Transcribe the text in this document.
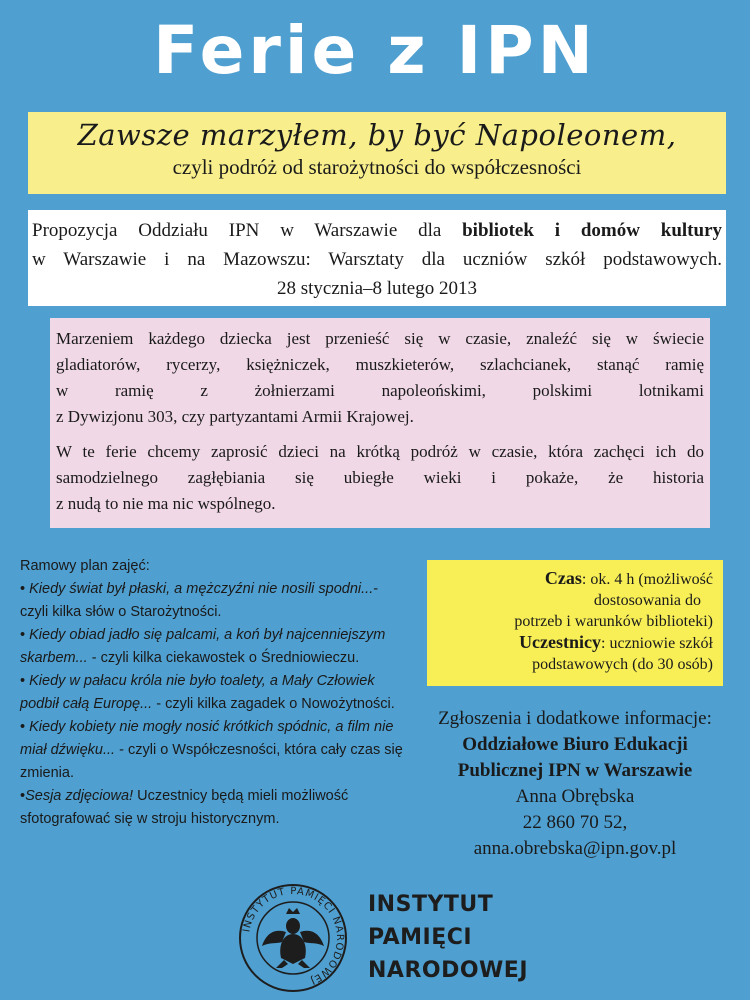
Ferie z IPN
Zawsze marzyłem, by być Napoleonem,
czyli podróż od starożytności do współczesności
Propozycja Oddziału IPN w Warszawie dla bibliotek i domów kultury
w Warszawie i na Mazowszu: Warsztaty dla uczniów szkół podstawowych.
28 stycznia–8 lutego 2013

Marzeniem każdego dziecka jest przenieść się w czasie, znaleźć się w świecie
gladiatorów, rycerzy, księżniczek, muszkieterów, szlachcianek, stanąć ramię
w ramię z żołnierzami napoleońskimi, polskimi lotnikami
z Dywizjonu 303, czy partyzantami Armii Krajowej.

W te ferie chcemy zaprosić dzieci na krótką podróż w czasie, która zachęci ich do
samodzielnego zagłębiania się ubiegłe wieki i pokaże, że historia
z nudą to nie ma nic wspólnego.

Ramowy plan zajęć:
• Kiedy świat był płaski, a mężczyźni nie nosili spodni...- czyli kilka słów o Starożytności.
• Kiedy obiad jadło się palcami, a koń był najcenniejszym skarbem... - czyli kilka ciekawostek o Średniowieczu.
• Kiedy w pałacu króla nie było toalety, a Mały Człowiek podbił całą Europę... - czyli kilka zagadek o Nowożytności.
• Kiedy kobiety nie mogły nosić krótkich spódnic, a film nie miał dźwięku... - czyli o Współczesności, która cały czas się zmienia.
•Sesja zdjęciowa! Uczestnicy będą mieli możliwość sfotografować się w stroju historycznym.
Czas: ok. 4 h (możliwość
dostosowania do
potrzeb i warunków biblioteki)
Uczestnicy: uczniowie szkół
podstawowych (do 30 osób)
Zgłoszenia i dodatkowe informacje:
Oddziałowe Biuro Edukacji
Publicznej IPN w Warszawie
Anna Obrębska
22 860 70 52,
anna.obrebska@ipn.gov.pl
INSTYTUT PAMIĘCI NARODOWEJ
INSTYTUT
PAMIĘCI
NARODOWEJ
